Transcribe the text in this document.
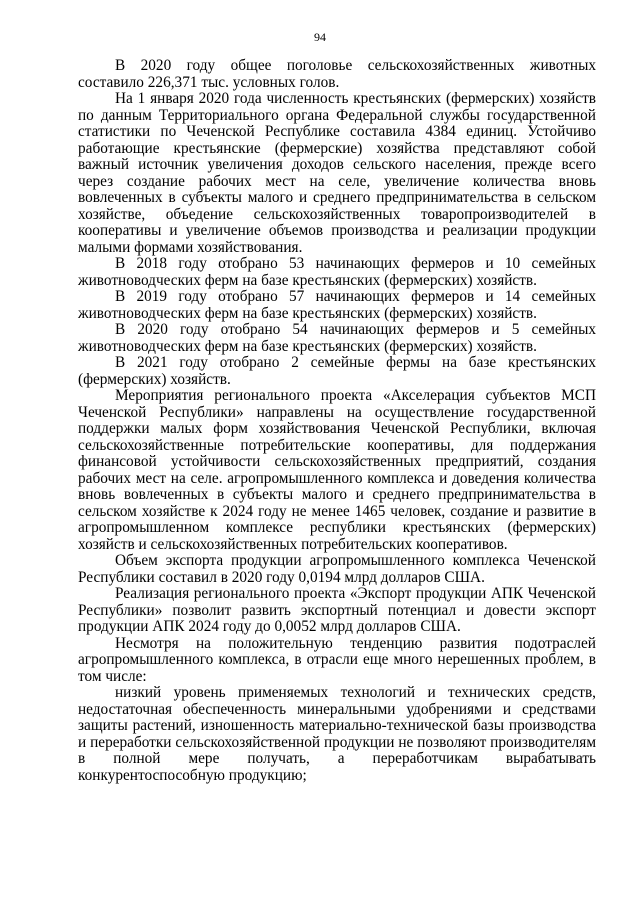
94

В 2020 году общее поголовье сельскохозяйственных животных составило 226,371 тыс. условных голов.

На 1 января 2020 года численность крестьянских (фермерских) хозяйств по данным Территориального органа Федеральной службы государственной статистики по Чеченской Республике составила 4384 единиц. Устойчиво работающие крестьянские (фермерские) хозяйства представляют собой важный источник увеличения доходов сельского населения, прежде всего через создание рабочих мест на селе, увеличение количества вновь вовлеченных в субъекты малого и среднего предпринимательства в сельском хозяйстве, объедение сельскохозяйственных товаропроизводителей в кооперативы и увеличение объемов производства и реализации продукции малыми формами хозяйствования.

В 2018 году отобрано 53 начинающих фермеров и 10 семейных животноводческих ферм на базе крестьянских (фермерских) хозяйств.

В 2019 году отобрано 57 начинающих фермеров и 14 семейных животноводческих ферм на базе крестьянских (фермерских) хозяйств.

В 2020 году отобрано 54 начинающих фермеров и 5 семейных животноводческих ферм на базе крестьянских (фермерских) хозяйств.

В 2021 году отобрано 2 семейные фермы на базе крестьянских (фермерских) хозяйств.

Мероприятия регионального проекта «Акселерация субъектов МСП Чеченской Республики» направлены на осуществление государственной поддержки малых форм хозяйствования Чеченской Республики, включая сельскохозяйственные потребительские кооперативы, для поддержания финансовой устойчивости сельскохозяйственных предприятий, создания рабочих мест на селе. агропромышленного комплекса и доведения количества вновь вовлеченных в субъекты малого и среднего предпринимательства в сельском хозяйстве к 2024 году не менее 1465 человек, создание и развитие в агропромышленном комплексе республики крестьянских (фермерских) хозяйств и сельскохозяйственных потребительских кооперативов.

Объем экспорта продукции агропромышленного комплекса Чеченской Республики составил в 2020 году 0,0194 млрд долларов США.

Реализация регионального проекта «Экспорт продукции АПК Чеченской Республики» позволит развить экспортный потенциал и довести экспорт продукции АПК 2024 году до 0,0052 млрд долларов США.

Несмотря на положительную тенденцию развития подотраслей агропромышленного комплекса, в отрасли еще много нерешенных проблем, в том числе:

низкий уровень применяемых технологий и технических средств, недостаточная обеспеченность минеральными удобрениями и средствами защиты растений, изношенность материально-технической базы производства и переработки сельскохозяйственной продукции не позволяют производителям в полной мере получать, а переработчикам вырабатывать конкурентоспособную продукцию;
